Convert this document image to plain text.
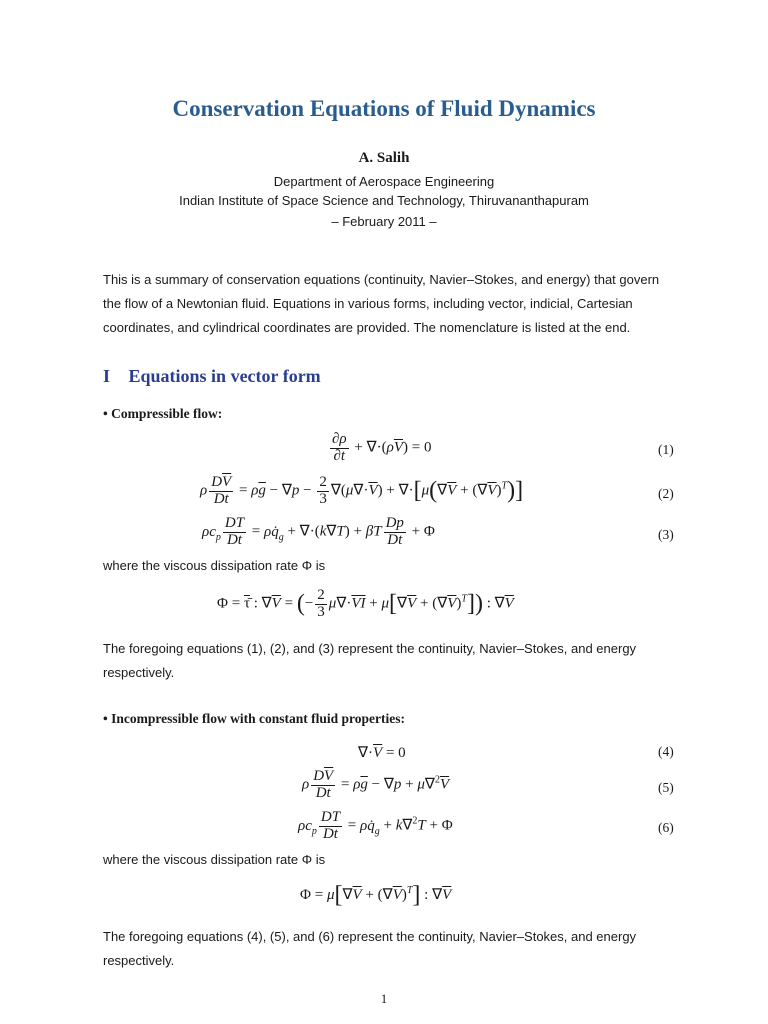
Conservation Equations of Fluid Dynamics
A. Salih
Department of Aerospace Engineering
Indian Institute of Space Science and Technology, Thiruvananthapuram
– February 2011 –
This is a summary of conservation equations (continuity, Navier–Stokes, and energy) that govern
the flow of a Newtonian fluid. Equations in various forms, including vector, indicial, Cartesian
coordinates, and cylindrical coordinates are provided. The nomenclature is listed at the end.
I Equations in vector form
• Compressible flow:
$\frac{\partial\rho}{\partial t} + \nabla\cdot(\rho\overline{V}) = 0$	(1)
ρ $\frac{D\overline{V}}{Dt} = \rho\overline{g} - \nabla p - \frac{2}{3} \nabla(\mu\nabla\cdot\overline{V}) + \nabla\cdot[\mu(\nabla\overline{V} + (\nabla\overline{V})^T)]$	(2)
$\rho c_p \frac{DT}{Dt}$ = $\rho q̇_g + \nabla\cdot(k\nabla T) + \beta T \frac{Dp}{Dt} + \Phi$	(3)
where the viscous dissipation rate Φ is
Φ = τ̄ : $\nabla\overline{V}$ = (− $\frac{2}{3} \mu\nabla\cdot\overline{V}\overline{I} + \mu[\nabla\overline{V} + (\nabla\overline{V})^T]$) : $\nabla\overline{V}$
The foregoing equations (1), (2), and (3) represent the continuity, Navier–Stokes, and energy
respectively.
• Incompressible flow with constant fluid properties:
$\nabla\cdot\overline{V} = 0$	(4)
ρ $\frac{D\overline{V}}{Dt} = \rho\overline{g} - \nabla p + \mu\nabla^2\overline{V}$	(5)
$\rho c_p \frac{DT}{Dt}$ = $\rho q̇_g + k\nabla^2T + \Phi$	(6)
where the viscous dissipation rate Φ is
$\Phi = \mu[\nabla\overline{V} + (\nabla\overline{V})^T]$ : $\nabla\overline{V}$
The foregoing equations (4), (5), and (6) represent the continuity, Navier–Stokes, and energy
respectively.
1
